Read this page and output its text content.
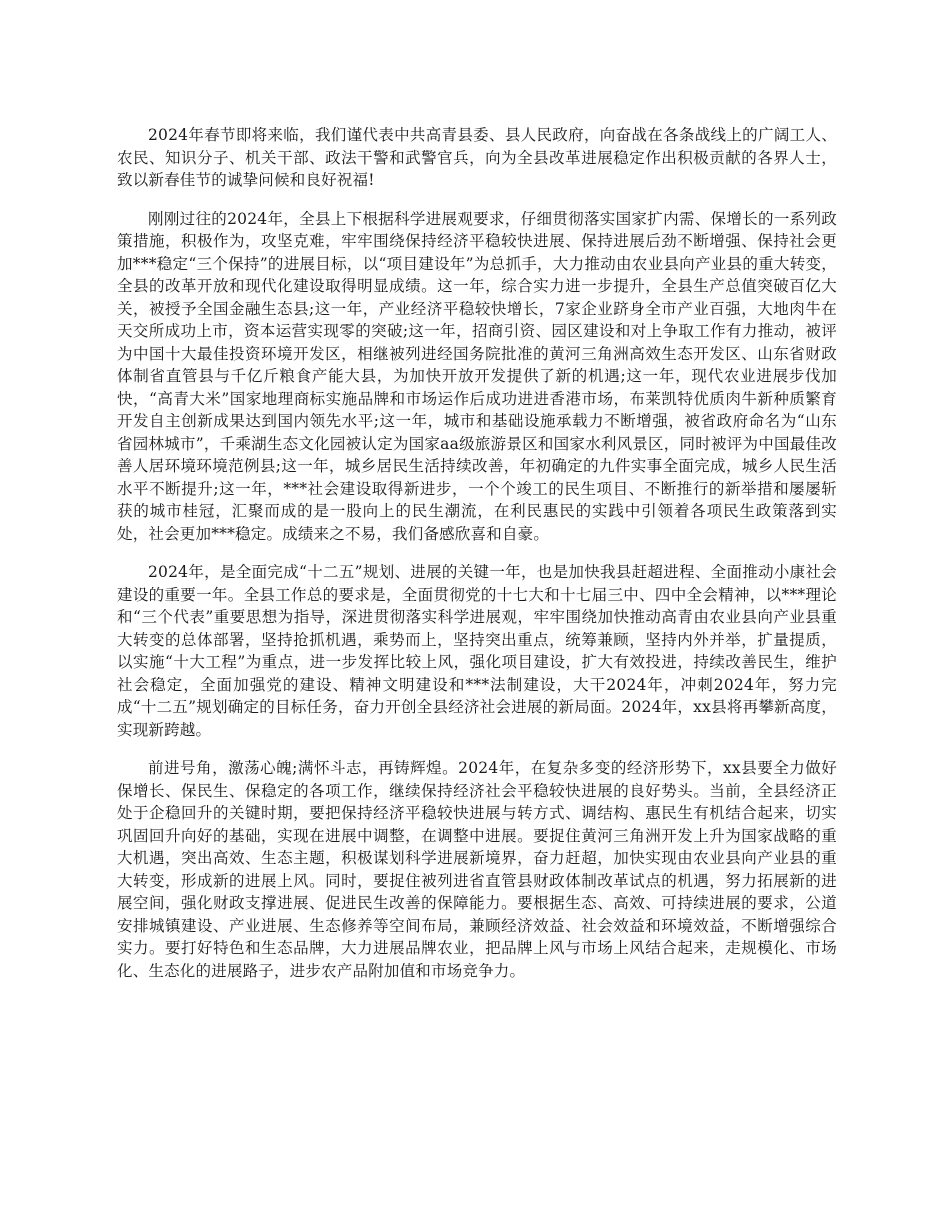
2024年春节即将来临，我们谨代表中共高青县委、县人民政府，向奋战在各条战线上的广阔工人、农民、知识分子、机关干部、政法干警和武警官兵，向为全县改革进展稳定作出积极贡献的各界人士，致以新春佳节的诚挚问候和良好祝福!

刚刚过往的2024年，全县上下根据科学进展观要求，仔细贯彻落实国家扩内需、保增长的一系列政策措施，积极作为，攻坚克难，牢牢围绕保持经济平稳较快进展、保持进展后劲不断增强、保持社会更加***稳定“三个保持”的进展目标，以“项目建设年”为总抓手，大力推动由农业县向产业县的重大转变，全县的改革开放和现代化建设取得明显成绩。这一年，综合实力进一步提升，全县生产总值突破百亿大关，被授予全国金融生态县;这一年，产业经济平稳较快增长，7家企业跻身全市产业百强，大地肉牛在天交所成功上市，资本运营实现零的突破;这一年，招商引资、园区建设和对上争取工作有力推动，被评为中国十大最佳投资环境开发区，相继被列进经国务院批准的黄河三角洲高效生态开发区、山东省财政体制省直管县与千亿斤粮食产能大县，为加快开放开发提供了新的机遇;这一年，现代农业进展步伐加快，“高青大米”国家地理商标实施品牌和市场运作后成功进进香港市场，布莱凯特优质肉牛新种质繁育开发自主创新成果达到国内领先水平;这一年，城市和基础设施承载力不断增强，被省政府命名为“山东省园林城市”，千乘湖生态文化园被认定为国家aa级旅游景区和国家水利风景区，同时被评为中国最佳改善人居环境环境范例县;这一年，城乡居民生活持续改善，年初确定的九件实事全面完成，城乡人民生活水平不断提升;这一年，***社会建设取得新进步，一个个竣工的民生项目、不断推行的新举措和屡屡斩获的城市桂冠，汇聚而成的是一股向上的民生潮流，在利民惠民的实践中引领着各项民生政策落到实处，社会更加***稳定。成绩来之不易，我们备感欣喜和自豪。

2024年，是全面完成“十二五”规划、进展的关键一年，也是加快我县赶超进程、全面推动小康社会建设的重要一年。全县工作总的要求是，全面贯彻党的十七大和十七届三中、四中全会精神，以***理论和“三个代表”重要思想为指导，深进贯彻落实科学进展观，牢牢围绕加快推动高青由农业县向产业县重大转变的总体部署，坚持抢抓机遇，乘势而上，坚持突出重点，统筹兼顾，坚持内外并举，扩量提质，以实施“十大工程”为重点，进一步发挥比较上风，强化项目建设，扩大有效投进，持续改善民生，维护社会稳定，全面加强党的建设、精神文明建设和***法制建设，大干2024年，冲刺2024年，努力完成“十二五”规划确定的目标任务，奋力开创全县经济社会进展的新局面。2024年，xx县将再攀新高度，实现新跨越。

前进号角，激荡心魄;满怀斗志，再铸辉煌。2024年，在复杂多变的经济形势下，xx县要全力做好保增长、保民生、保稳定的各项工作，继续保持经济社会平稳较快进展的良好势头。当前，全县经济正处于企稳回升的关键时期，要把保持经济平稳较快进展与转方式、调结构、惠民生有机结合起来，切实巩固回升向好的基础，实现在进展中调整，在调整中进展。要捉住黄河三角洲开发上升为国家战略的重大机遇，突出高效、生态主题，积极谋划科学进展新境界，奋力赶超，加快实现由农业县向产业县的重大转变，形成新的进展上风。同时，要捉住被列进省直管县财政体制改革试点的机遇，努力拓展新的进展空间，强化财政支撑进展、促进民生改善的保障能力。要根据生态、高效、可持续进展的要求，公道安排城镇建设、产业进展、生态修养等空间布局，兼顾经济效益、社会效益和环境效益，不断增强综合实力。要打好特色和生态品牌，大力进展品牌农业，把品牌上风与市场上风结合起来，走规模化、市场化、生态化的进展路子，进步农产品附加值和市场竞争力。
